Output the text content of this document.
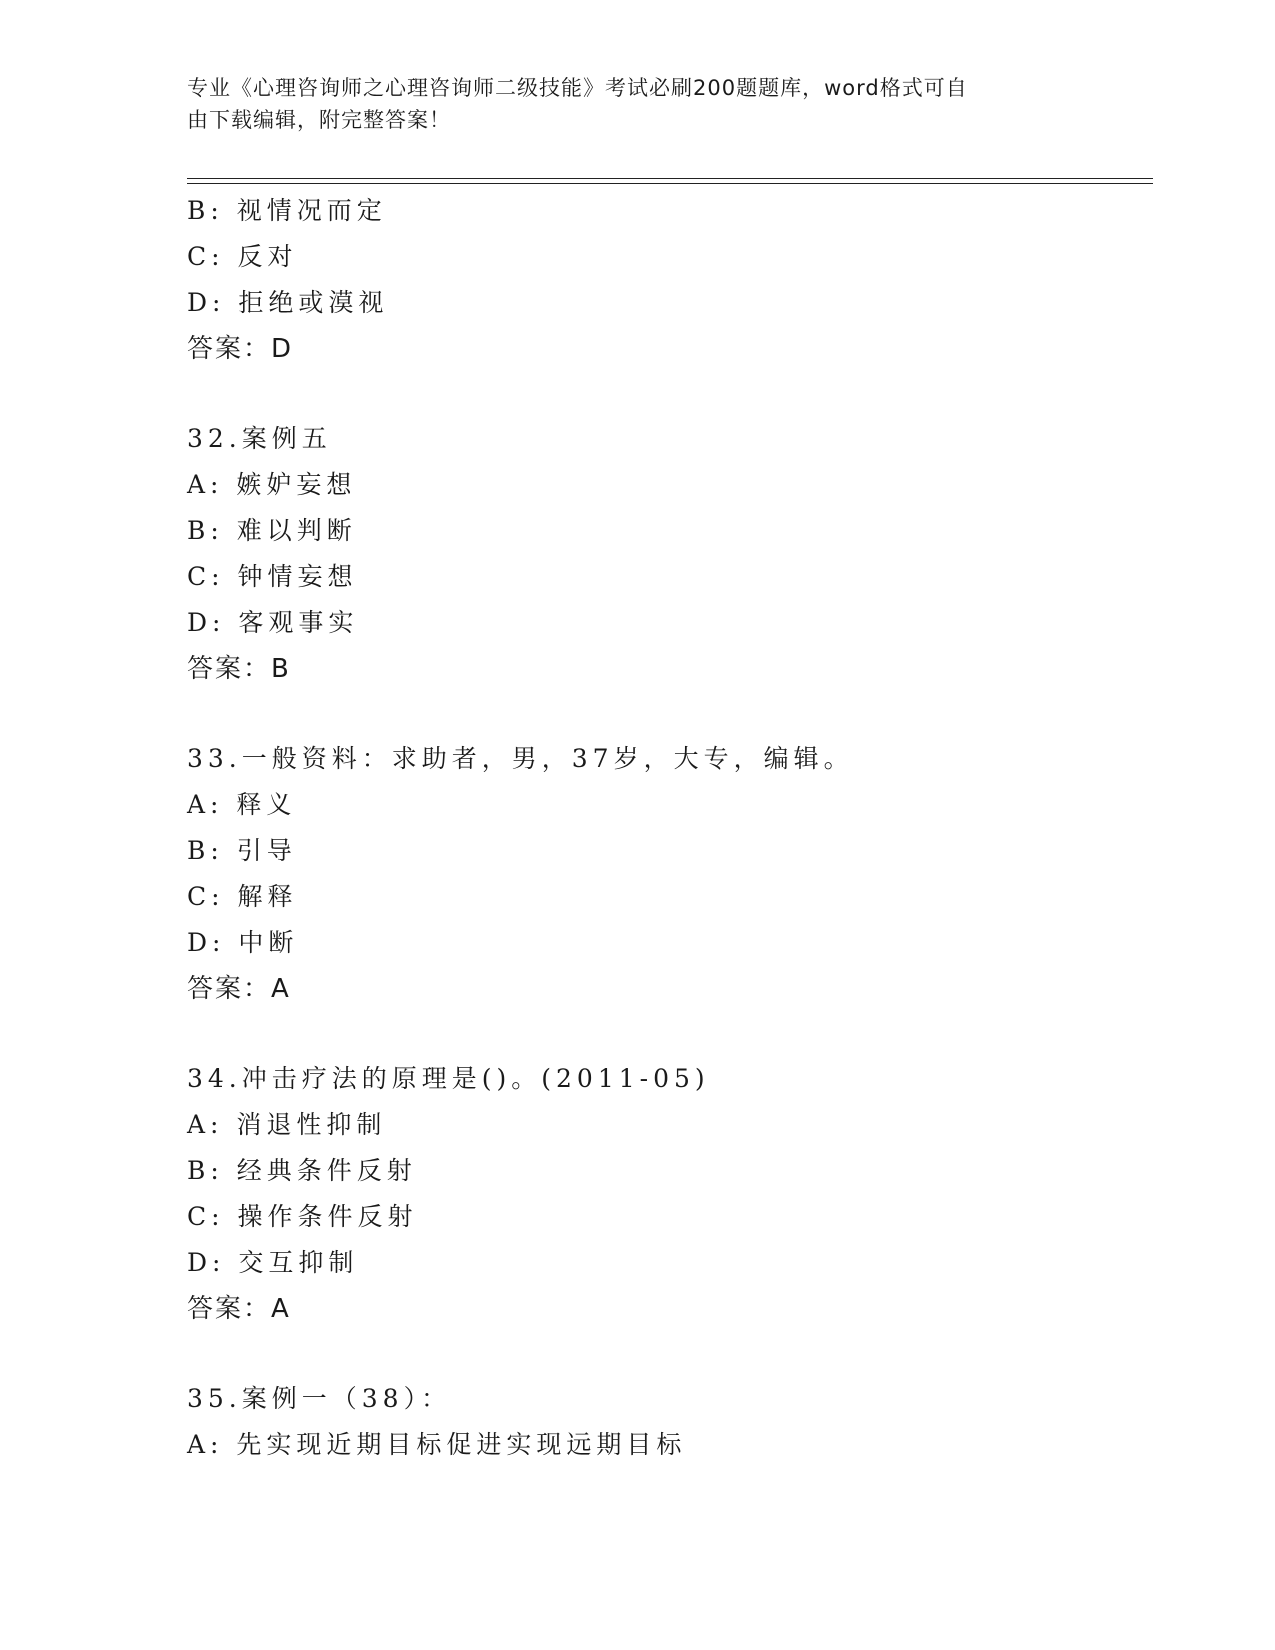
专业《心理咨询师之心理咨询师二级技能》考试必刷200题题库，word格式可自
由下载编辑，附完整答案！
B: 视情况而定
C: 反对
D: 拒绝或漠视
答案：D
32.案例五
A: 嫉妒妄想
B: 难以判断
C: 钟情妄想
D: 客观事实
答案：B
33.一般资料：求助者，男，37岁，大专，编辑。
A: 释义
B: 引导
C: 解释
D: 中断
答案：A
34.冲击疗法的原理是()。(2011-05)
A: 消退性抑制
B: 经典条件反射
C: 操作条件反射
D: 交互抑制
答案：A
35.案例一（38）：
A: 先实现近期目标促进实现远期目标
